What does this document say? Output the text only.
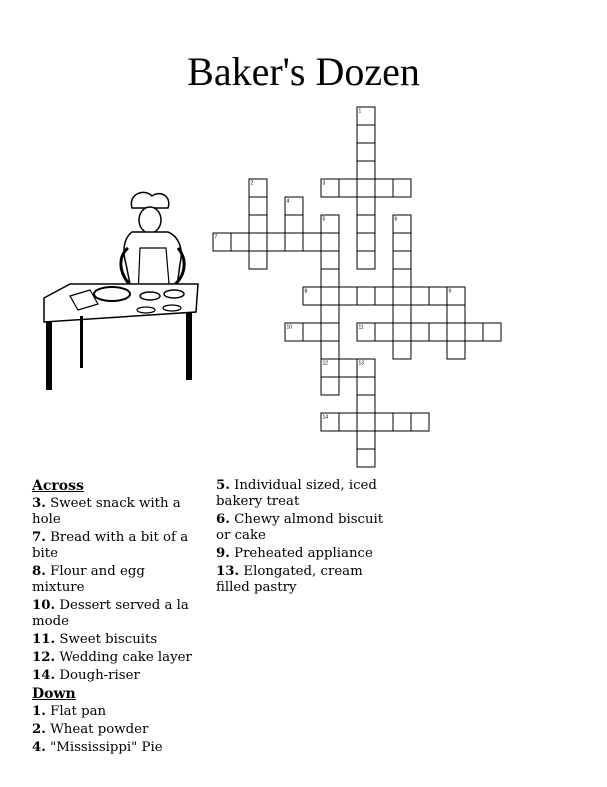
Baker's Dozen
1
2	3
4
5
12
6
7
8	9
10	11
13
14
Across
3. Sweet snack with a hole
7. Bread with a bit of a bite
8. Flour and egg mixture
10. Dessert served a la mode
11. Sweet biscuits
12. Wedding cake layer
14. Dough-riser
Down
1. Flat pan
2. Wheat powder
4. "Mississippi" Pie
5. Individual sized, iced bakery treat
6. Chewy almond biscuit or cake
9. Preheated appliance
13. Elongated, cream filled pastry
